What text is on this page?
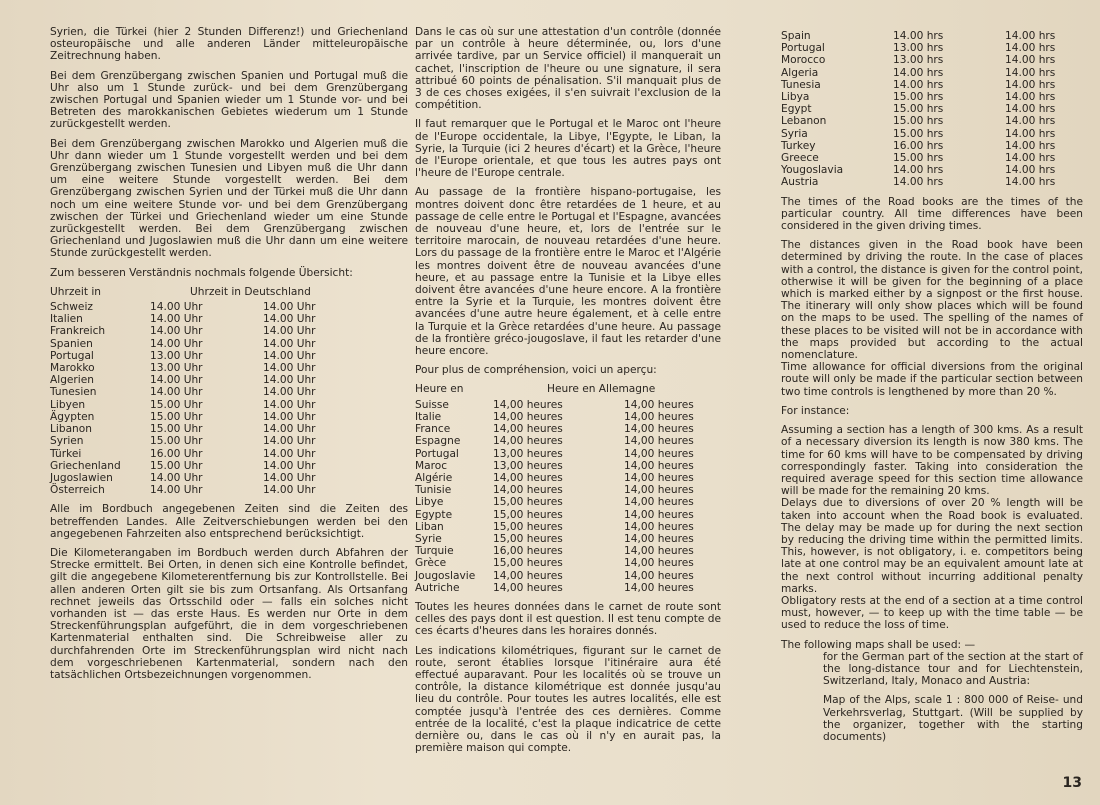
Syrien, die Türkei (hier 2 Stunden Differenz!) und Griechenland osteuropäische und alle anderen Länder mitteleuropäische Zeitrechnung haben.

Bei dem Grenzübergang zwischen Spanien und Portugal muß die Uhr also um 1 Stunde zurück- und bei dem Grenzübergang zwischen Portugal und Spanien wieder um 1 Stunde vor- und bei Betreten des marokkanischen Gebietes wiederum um 1 Stunde zurückgestellt werden.

Bei dem Grenzübergang zwischen Marokko und Algerien muß die Uhr dann wieder um 1 Stunde vorgestellt werden und bei dem Grenzübergang zwischen Tunesien und Libyen muß die Uhr dann um eine weitere Stunde vorgestellt werden. Bei dem Grenzübergang zwischen Syrien und der Türkei muß die Uhr dann noch um eine weitere Stunde vor- und bei dem Grenzübergang zwischen der Türkei und Griechenland wieder um eine Stunde zurückgestellt werden. Bei dem Grenzübergang zwischen Griechenland und Jugoslawien muß die Uhr dann um eine weitere Stunde zurückgestellt werden.

Zum besseren Verständnis nochmals folgende Übersicht:

Uhrzeit in	Uhrzeit in Deutschland	
Schweiz	14.00 Uhr	14.00 Uhr
Italien	14.00 Uhr	14.00 Uhr
Frankreich	14.00 Uhr	14.00 Uhr
Spanien	14.00 Uhr	14.00 Uhr
Portugal	13.00 Uhr	14.00 Uhr
Marokko	13.00 Uhr	14.00 Uhr
Algerien	14.00 Uhr	14.00 Uhr
Tunesien	14.00 Uhr	14.00 Uhr
Libyen	15.00 Uhr	14.00 Uhr
Ägypten	15.00 Uhr	14.00 Uhr
Libanon	15.00 Uhr	14.00 Uhr
Syrien	15.00 Uhr	14.00 Uhr
Türkei	16.00 Uhr	14.00 Uhr
Griechenland	15.00 Uhr	14.00 Uhr
Jugoslawien	14.00 Uhr	14.00 Uhr
Österreich	14.00 Uhr	14.00 Uhr

Alle im Bordbuch angegebenen Zeiten sind die Zeiten des betreffenden Landes. Alle Zeitverschiebungen werden bei den angegebenen Fahrzeiten also entsprechend berücksichtigt.

Die Kilometerangaben im Bordbuch werden durch Abfahren der Strecke ermittelt. Bei Orten, in denen sich eine Kontrolle befindet, gilt die angegebene Kilometerentfernung bis zur Kontrollstelle. Bei allen anderen Orten gilt sie bis zum Ortsanfang. Als Ortsanfang rechnet jeweils das Ortsschild oder — falls ein solches nicht vorhanden ist — das erste Haus. Es werden nur Orte in dem Streckenführungsplan aufgeführt, die in dem vorgeschriebenen Kartenmaterial enthalten sind. Die Schreibweise aller zu durchfahrenden Orte im Streckenführungsplan wird nicht nach dem vorgeschriebenen Kartenmaterial, sondern nach den tatsächlichen Ortsbezeichnungen vorgenommen.

Dans le cas où sur une attestation d'un contrôle (donnée par un contrôle à heure déterminée, ou, lors d'une arrivée tardive, par un Service officiel) il manquerait un cachet, l'inscription de l'heure ou une signature, il sera attribué 60 points de pénalisation. S'il manquait plus de 3 de ces choses exigées, il s'en suivrait l'exclusion de la compétition.

Il faut remarquer que le Portugal et le Maroc ont l'heure de l'Europe occidentale, la Libye, l'Egypte, le Liban, la Syrie, la Turquie (ici 2 heures d'écart) et la Grèce, l'heure de l'Europe orientale, et que tous les autres pays ont l'heure de l'Europe centrale.

Au passage de la frontière hispano-portugaise, les montres doivent donc être retardées de 1 heure, et au passage de celle entre le Portugal et l'Espagne, avancées de nouveau d'une heure, et, lors de l'entrée sur le territoire marocain, de nouveau retardées d'une heure. Lors du passage de la frontière entre le Maroc et l'Algérie les montres doivent être de nouveau avancées d'une heure, et au passage entre la Tunisie et la Libye elles doivent être avancées d'une heure encore. A la frontière entre la Syrie et la Turquie, les montres doivent être avancées d'une autre heure également, et à celle entre la Turquie et la Grèce retardées d'une heure. Au passage de la frontière gréco-jougoslave, il faut les retarder d'une heure encore.

Pour plus de compréhension, voici un aperçu:

Heure en	Heure en Allemagne	
Suisse	14,00 heures	14,00 heures
Italie	14,00 heures	14,00 heures
France	14,00 heures	14,00 heures
Espagne	14,00 heures	14,00 heures
Portugal	13,00 heures	14,00 heures
Maroc	13,00 heures	14,00 heures
Algérie	14,00 heures	14,00 heures
Tunisie	14,00 heures	14,00 heures
Libye	15,00 heures	14,00 heures
Egypte	15,00 heures	14,00 heures
Liban	15,00 heures	14,00 heures
Syrie	15,00 heures	14,00 heures
Turquie	16,00 heures	14,00 heures
Grèce	15,00 heures	14,00 heures
Jougoslavie	14,00 heures	14,00 heures
Autriche	14,00 heures	14,00 heures

Toutes les heures données dans le carnet de route sont celles des pays dont il est question. Il est tenu compte de ces écarts d'heures dans les horaires donnés.

Les indications kilométriques, figurant sur le carnet de route, seront établies lorsque l'itinéraire aura été effectué auparavant. Pour les localités où se trouve un contrôle, la distance kilométrique est donnée jusqu'au lieu du contrôle. Pour toutes les autres localités, elle est comptée jusqu'à l'entrée des ces dernières. Comme entrée de la localité, c'est la plaque indicatrice de cette dernière ou, dans le cas où il n'y en aurait pas, la première maison qui compte.

Spain	14.00 hrs	14.00 hrs
Portugal	13.00 hrs	14.00 hrs
Morocco	13.00 hrs	14.00 hrs
Algeria	14.00 hrs	14.00 hrs
Tunesia	14.00 hrs	14.00 hrs
Libya	15.00 hrs	14.00 hrs
Egypt	15.00 hrs	14.00 hrs
Lebanon	15.00 hrs	14.00 hrs
Syria	15.00 hrs	14.00 hrs
Turkey	16.00 hrs	14.00 hrs
Greece	15.00 hrs	14.00 hrs
Yougoslavia	14.00 hrs	14.00 hrs
Austria	14.00 hrs	14.00 hrs

The times of the Road books are the times of the particular country. All time differences have been considered in the given driving times.

The distances given in the Road book have been determined by driving the route. In the case of places with a control, the distance is given for the control point, otherwise it will be given for the beginning of a place which is marked either by a signpost or the first house. The itinerary will only show places which will be found on the maps to be used. The spelling of the names of these places to be visited will not be in accordance with the maps provided but according to the actual nomenclature.

Time allowance for official diversions from the original route will only be made if the particular section between two time controls is lengthened by more than 20 %.

For instance:

Assuming a section has a length of 300 kms. As a result of a necessary diversion its length is now 380 kms. The time for 60 kms will have to be compensated by driving correspondingly faster. Taking into consideration the required average speed for this section time allowance will be made for the remaining 20 kms.

Delays due to diversions of over 20 % length will be taken into account when the Road book is evaluated. The delay may be made up for during the next section by reducing the driving time within the permitted limits. This, however, is not obligatory, i. e. competitors being late at one control may be an equivalent amount late at the next control without incurring additional penalty marks.

Obligatory rests at the end of a section at a time control must, however, — to keep up with the time table — be used to reduce the loss of time.

The following maps shall be used: —

for the German part of the section at the start of the long-distance tour and for Liechtenstein, Switzerland, Italy, Monaco and Austria:

Map of the Alps, scale 1 : 800 000 of Reise- und Verkehrsverlag, Stuttgart. (Will be supplied by the organizer, together with the starting documents)

13
